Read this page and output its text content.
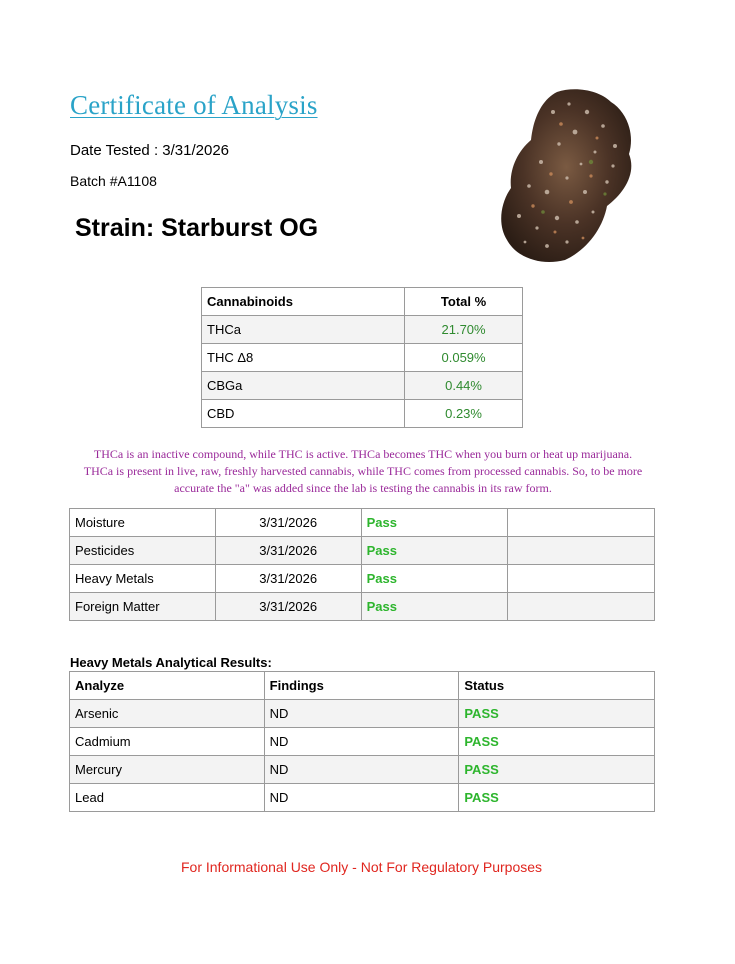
Certificate of Analysis
Date Tested : 3/31/2026
Batch #A1108
Strain: Starburst OG
Cannabinoids	Total %
THCa	21.70%
THC Δ8	0.059%
CBGa	0.44%
CBD	0.23%
THCa is an inactive compound, while THC is active. THCa becomes THC when you burn or heat up marijuana.
THCa is present in live, raw, freshly harvested cannabis, while THC comes from processed cannabis. So, to be more
accurate the "a" was added since the lab is testing the cannabis in its raw form.
Moisture	3/31/2026	Pass	
Pesticides	3/31/2026	Pass	
Heavy Metals	3/31/2026	Pass	
Foreign Matter	3/31/2026	Pass	
Heavy Metals Analytical Results:
Analyze	Findings	Status
Arsenic	ND	PASS
Cadmium	ND	PASS
Mercury	ND	PASS
Lead	ND	PASS
For Informational Use Only - Not For Regulatory Purposes
